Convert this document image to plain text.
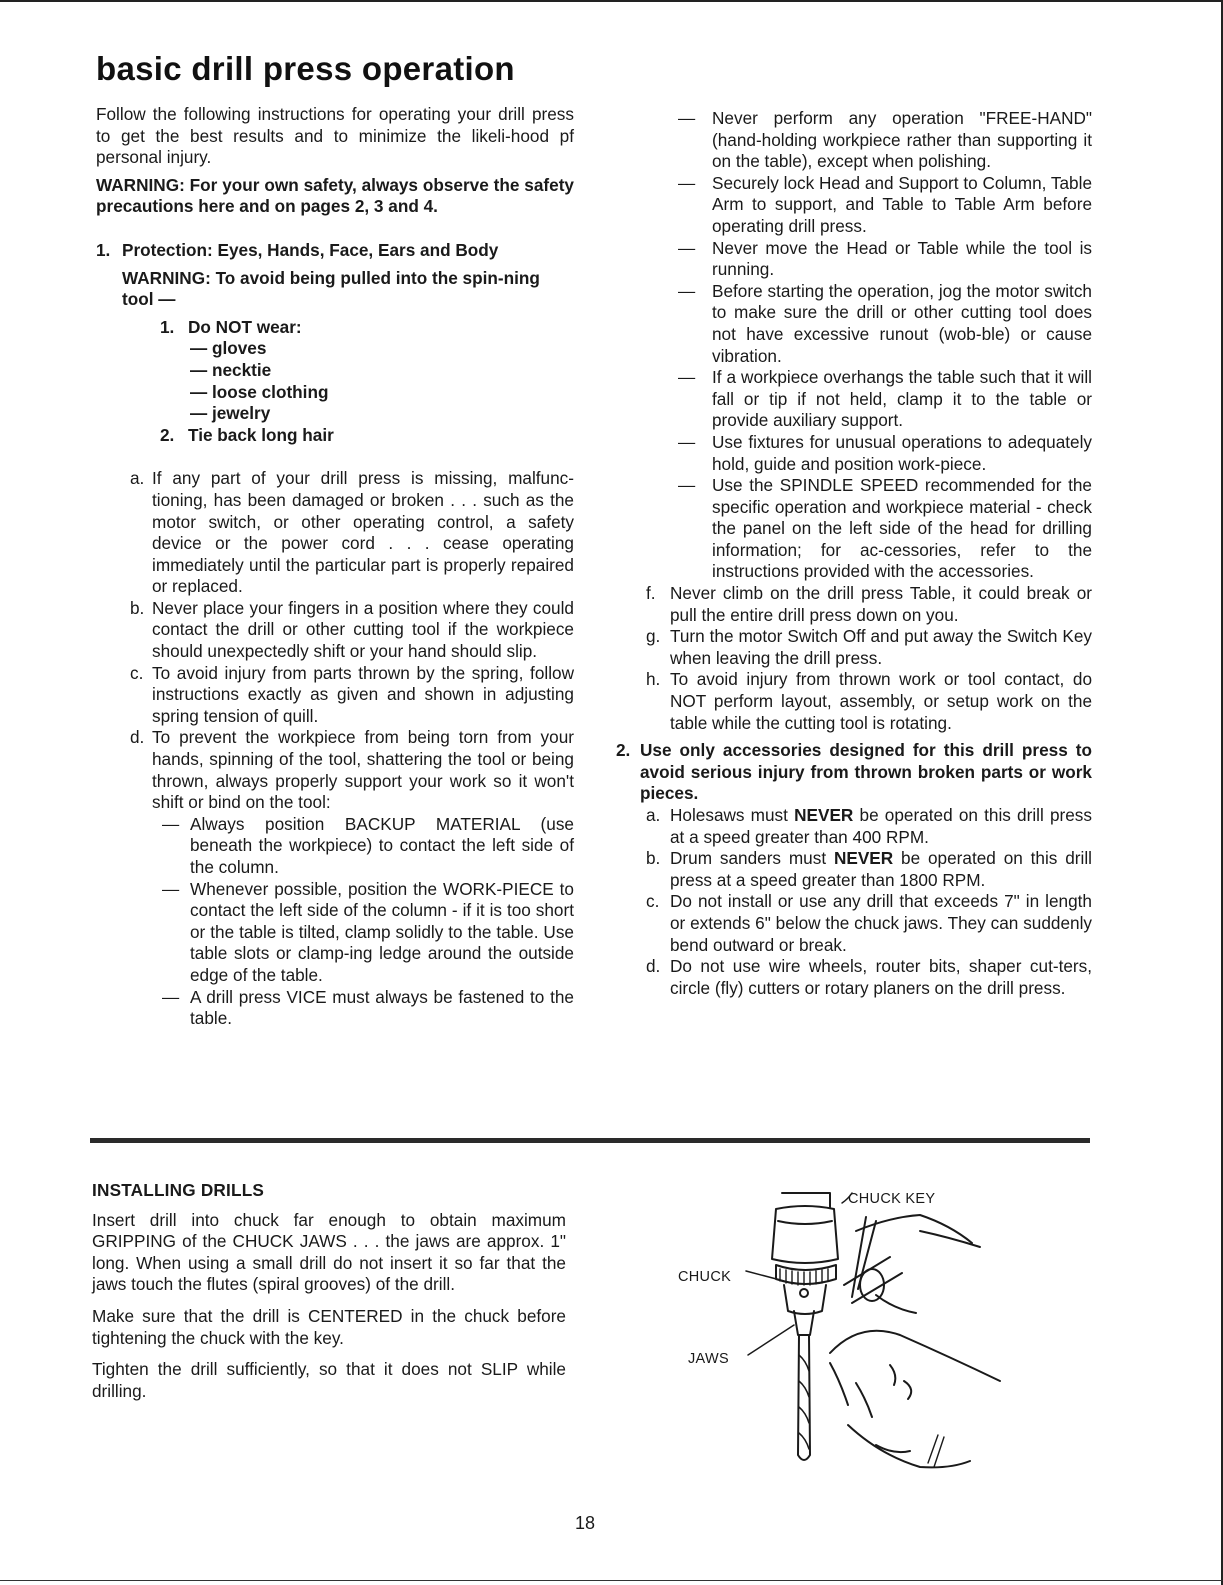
basic drill press operation

Follow the following instructions for operating your drill press to get the best results and to minimize the likeli-hood pf personal injury.

WARNING: For your own safety, always observe the safety precautions here and on pages 2, 3 and 4.

1. Protection: Eyes, Hands, Face, Ears and Body

WARNING: To avoid being pulled into the spin-ning tool —

1. Do NOT wear:
— gloves
— necktie
— loose clothing
— jewelry
2. Tie back long hair
a. If any part of your drill press is missing, malfunc-tioning, has been damaged or broken . . . such as the motor switch, or other operating control, a safety device or the power cord . . . cease operating immediately until the particular part is properly repaired or replaced.
b. Never place your fingers in a position where they could contact the drill or other cutting tool if the workpiece should unexpectedly shift or your hand should slip.
c. To avoid injury from parts thrown by the spring, follow instructions exactly as given and shown in adjusting spring tension of quill.
d. To prevent the workpiece from being torn from your hands, spinning of the tool, shattering the tool or being thrown, always properly support your work so it won't shift or bind on the tool:
— Always position BACKUP MATERIAL (use beneath the workpiece) to contact the left side of the column.
— Whenever possible, position the WORK-PIECE to contact the left side of the column - if it is too short or the table is tilted, clamp solidly to the table. Use table slots or clamp-ing ledge around the outside edge of the table.
— A drill press VICE must always be fastened to the table.
— Never perform any operation "FREE-HAND" (hand-holding workpiece rather than supporting it on the table), except when polishing.
— Securely lock Head and Support to Column, Table Arm to support, and Table to Table Arm before operating drill press.
— Never move the Head or Table while the tool is running.
— Before starting the operation, jog the motor switch to make sure the drill or other cutting tool does not have excessive runout (wob-ble) or cause vibration.
— If a workpiece overhangs the table such that it will fall or tip if not held, clamp it to the table or provide auxiliary support.
— Use fixtures for unusual operations to adequately hold, guide and position work-piece.
— Use the SPINDLE SPEED recommended for the specific operation and workpiece material - check the panel on the left side of the head for drilling information; for ac-cessories, refer to the instructions provided with the accessories.
f. Never climb on the drill press Table, it could break or pull the entire drill press down on you.
g. Turn the motor Switch Off and put away the Switch Key when leaving the drill press.
h. To avoid injury from thrown work or tool contact, do NOT perform layout, assembly, or setup work on the table while the cutting tool is rotating.
2. Use only accessories designed for this drill press to avoid serious injury from thrown broken parts or work pieces.
a. Holesaws must NEVER be operated on this drill press at a speed greater than 400 RPM.
b. Drum sanders must NEVER be operated on this drill press at a speed greater than 1800 RPM.
c. Do not install or use any drill that exceeds 7" in length or extends 6" below the chuck jaws. They can suddenly bend outward or break.
d. Do not use wire wheels, router bits, shaper cut-ters, circle (fly) cutters or rotary planers on the drill press.
INSTALLING DRILLS

Insert drill into chuck far enough to obtain maximum GRIPPING of the CHUCK JAWS . . . the jaws are approx. 1" long. When using a small drill do not insert it so far that the jaws touch the flutes (spiral grooves) of the drill.

Make sure that the drill is CENTERED in the chuck before tightening the chuck with the key.

Tighten the drill sufficiently, so that it does not SLIP while drilling.

CHUCK KEY
CHUCK
JAWS
18
